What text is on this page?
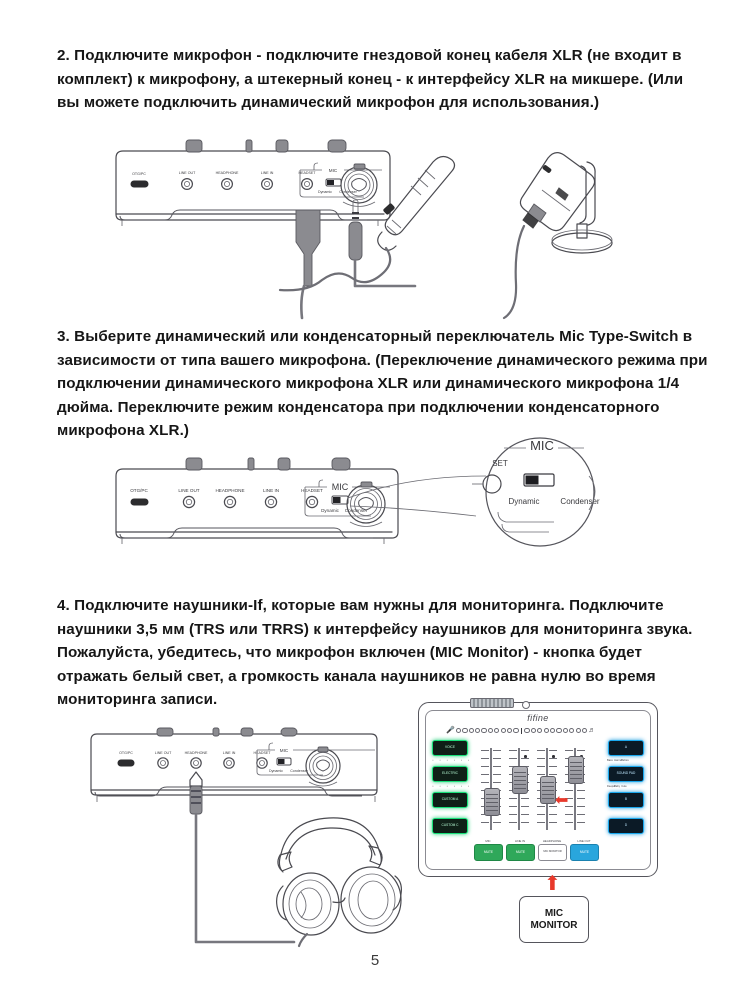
2. Подключите микрофон - подключите гнездовой конец кабеля XLR (не входит в комплект) к микрофону, а штекерный конец - к интерфейсу XLR на микшере. (Или вы можете подключить динамический микрофон для использования.)
OTG/PC	LINE OUT	HEADPHONE	LINE IN	HEADSET	MIC
Dynamic Condenser
3. Выберите динамический или конденсаторный переключатель Mic Type-Switch в зависимости от типа вашего микрофона. (Переключение динамического режима при подключении динамического микрофона XLR или динамического микрофона 1/4 дюйма. Переключите режим конденсатора при подключении конденсаторного микрофона XLR.)
OTG/PC	LINE OUT	HEADPHONE	LINE IN	HEADSET MIC
Dynamic Condenser
MIC
SET
Dynamic	Condenser
4. Подключите наушники-If, которые вам нужны для мониторинга. Подключите наушники 3,5 мм (TRS или TRRS) к интерфейсу наушников для мониторинга звука. Пожалуйста, убедитесь, что микрофон включен (MIC Monitor) - кнопка будет отражать белый свет, а громкость канала наушников не равна нулю во время мониторинга записи.
OTG/PC	LINE OUT	HEADPHONE	LINE IN	HEADSET MIC
Dynamic Condenser
fifine
🎤	♬
VOICE
•	•	•	•	•	•
ELECTRIC
•	•	•	•	•	•
CUSTOM A
CUSTOM C
⬅
A
Bass Harmo Before
SOUND PAD
Deeper
Baby Cute
B
D
MIC
MUTE
LINE IN
MUTE
HEADPHONE
MIC MONITOR
LINE OUT
MUTE
⬆
MIC
MONITOR
5
